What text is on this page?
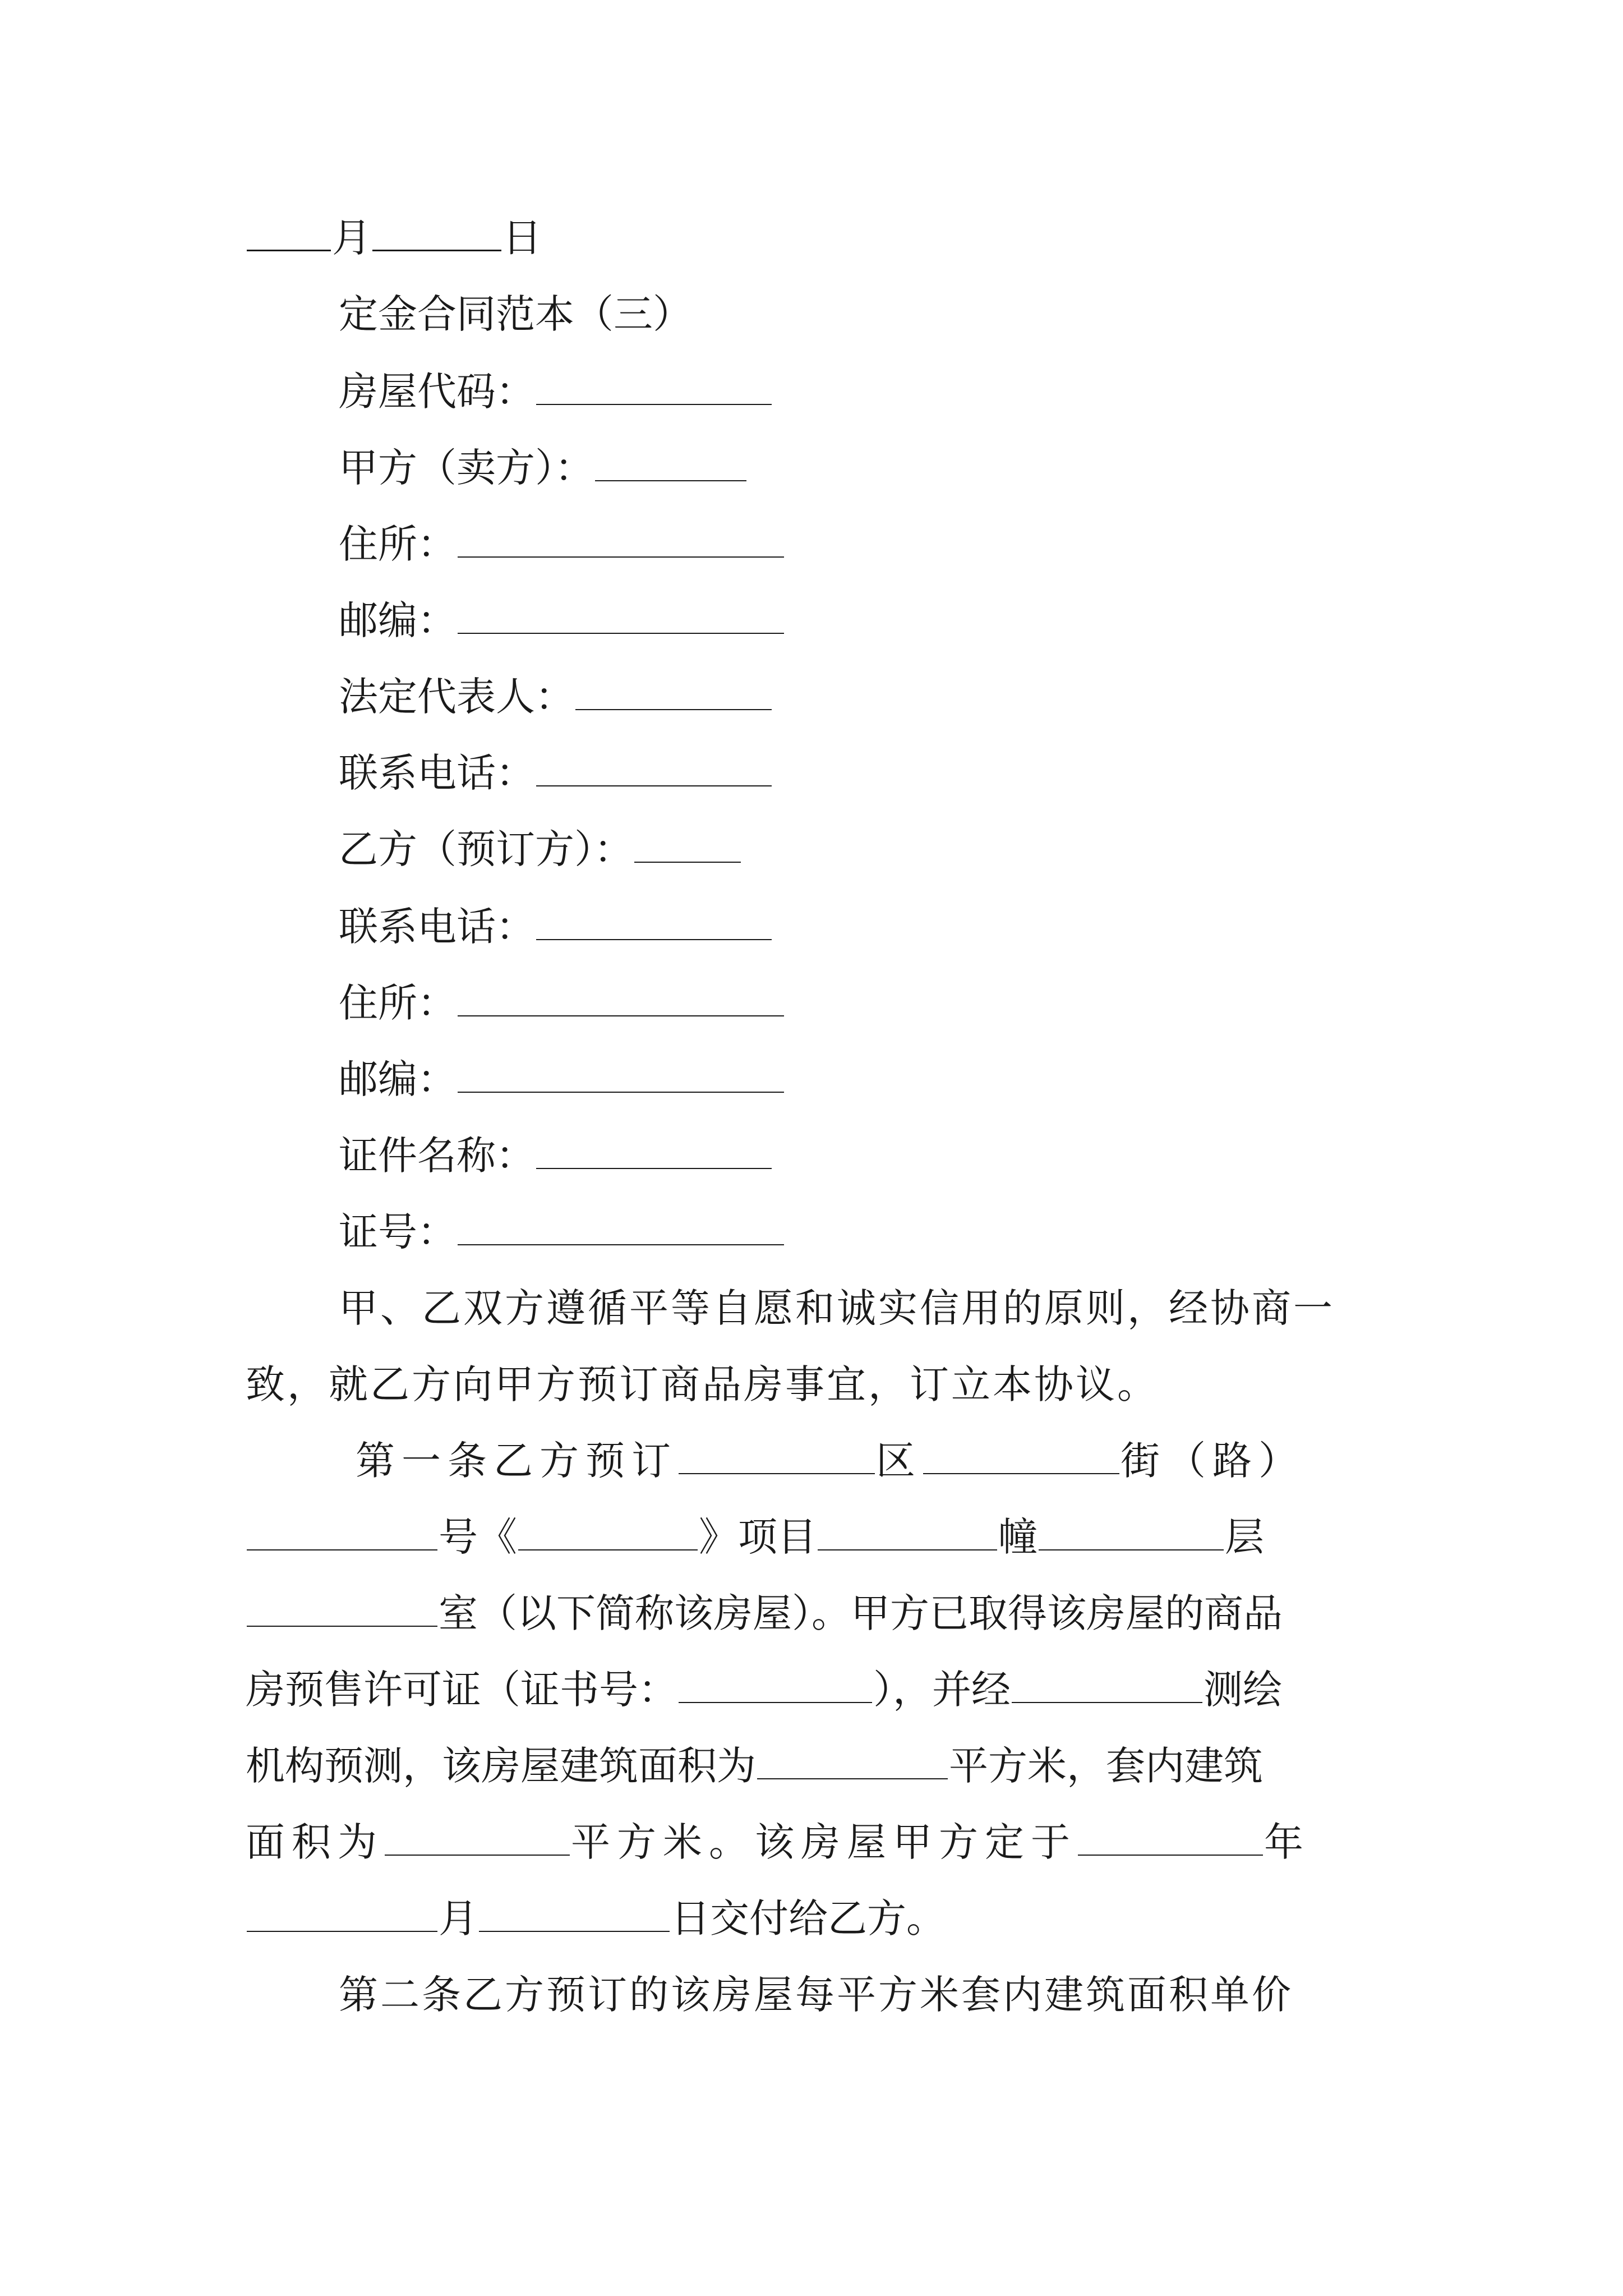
月	日
定金合同范本（三）
房屋代码：
甲方（卖方）：
住所：
邮编：
法定代表人：
联系电话：
乙方（预订方）：
联系电话：
住所：
邮编：
证件名称：
证号：
甲、乙双方遵循平等自愿和诚实信用的原则，经协商一
致，就乙方向甲方预订商品房事宜，订立本协议。
第一条乙方预订	区	街（路）
号《	》项目	幢	层
室（以下简称该房屋）。甲方已取得该房屋的商品
房预售许可证（证书号：	），并经	测绘
机构预测，该房屋建筑面积为	平方米，套内建筑
面积为	平方米。该房屋甲方定于	年
月	日交付给乙方。
第二条乙方预订的该房屋每平方米套内建筑面积单价
